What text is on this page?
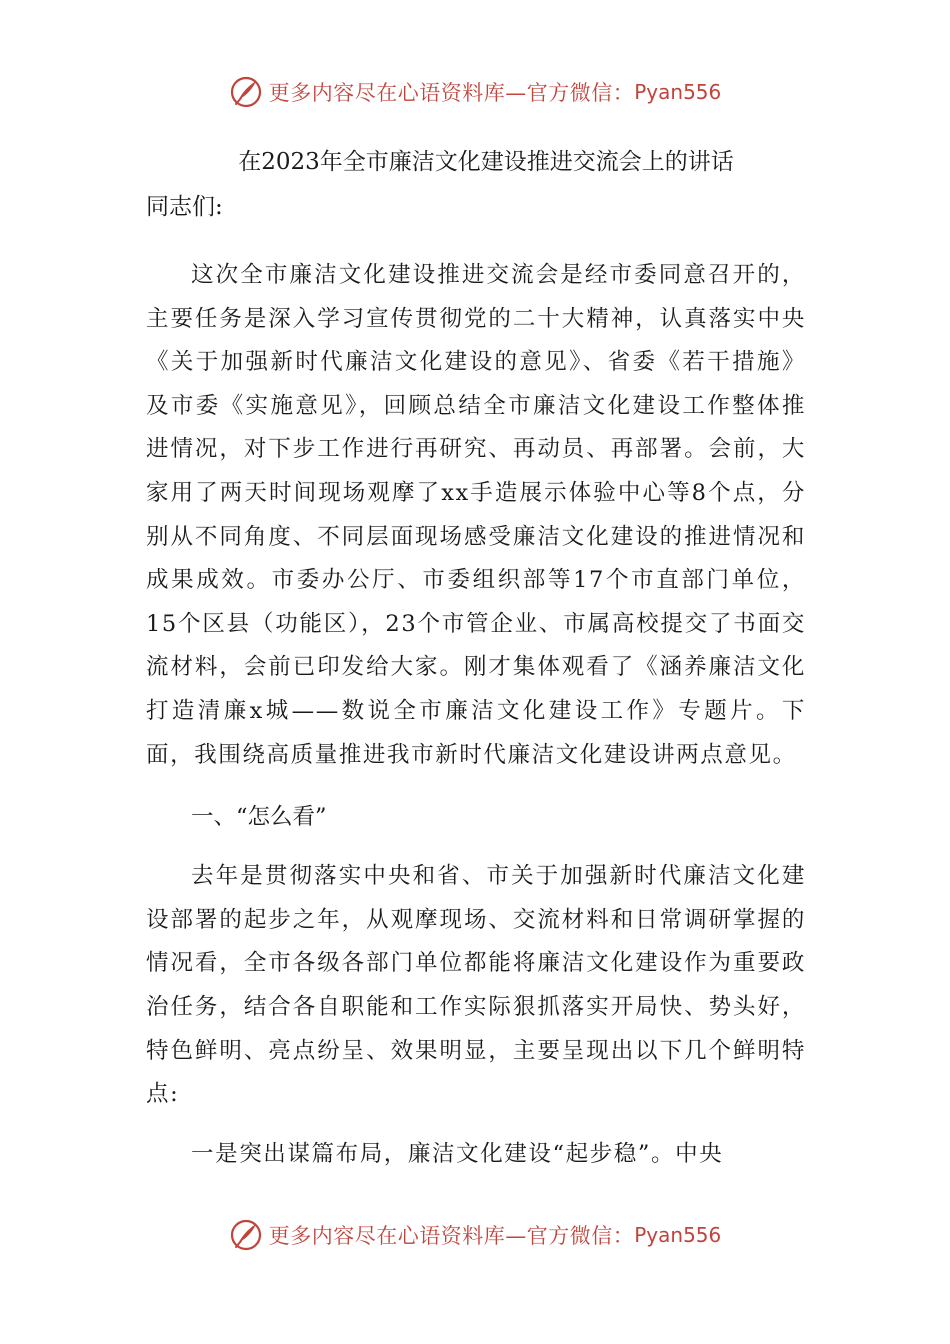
更多内容尽在心语资料库—官方微信： Pyan556
在2023年全市廉洁文化建设推进交流会上的讲话
同志们:

这次全市廉洁文化建设推进交流会是经市委同意召开的，主要任务是深入学习宣传贯彻党的二十大精神，认真落实中央《关于加强新时代廉洁文化建设的意见》、省委《若干措施》及市委《实施意见》，回顾总结全市廉洁文化建设工作整体推进情况，对下步工作进行再研究、再动员、再部署。会前，大家用了两天时间现场观摩了xx手造展示体验中心等8个点，分别从不同角度、不同层面现场感受廉洁文化建设的推进情况和成果成效。市委办公厅、市委组织部等17个市直部门单位，15个区县（功能区），23个市管企业、市属高校提交了书面交流材料，会前已印发给大家。刚才集体观看了《涵养廉洁文化打造清廉x城——数说全市廉洁文化建设工作》专题片。下面，我围绕高质量推进我市新时代廉洁文化建设讲两点意见。

一、“怎么看”

去年是贯彻落实中央和省、市关于加强新时代廉洁文化建设部署的起步之年，从观摩现场、交流材料和日常调研掌握的情况看，全市各级各部门单位都能将廉洁文化建设作为重要政治任务，结合各自职能和工作实际狠抓落实开局快、势头好，特色鲜明、亮点纷呈、效果明显，主要呈现出以下几个鲜明特点:

一是突出谋篇布局，廉洁文化建设“起步稳”。中央

更多内容尽在心语资料库—官方微信： Pyan556
